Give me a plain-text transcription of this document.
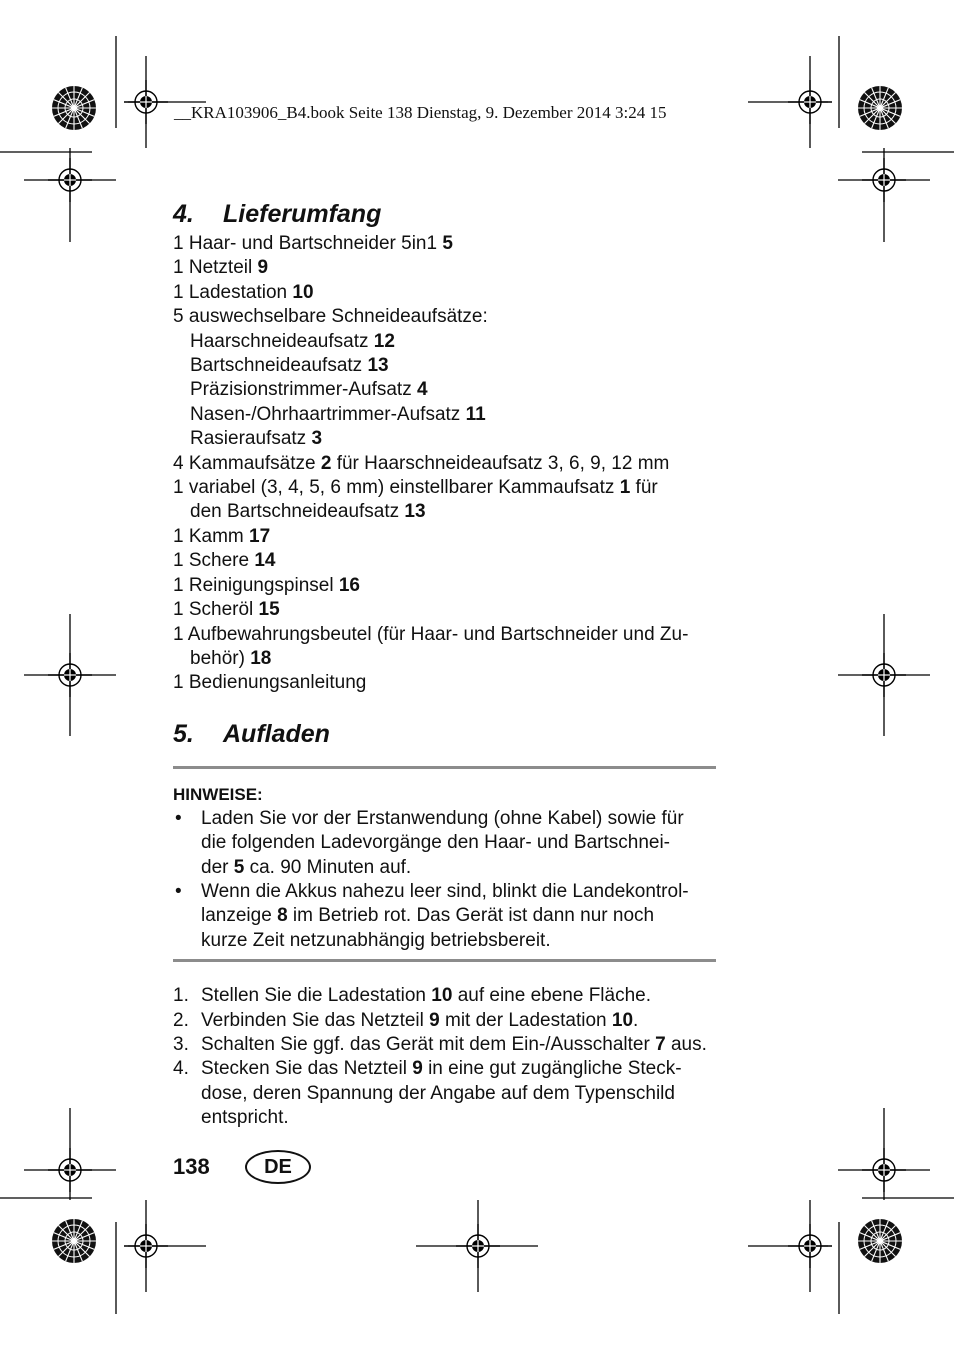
__KRA103906_B4.book Seite 138 Dienstag, 9. Dezember 2014 3:24 15
4. Lieferumfang
1 Haar- und Bartschneider 5in1 5
1 Netzteil 9
1 Ladestation 10
5 auswechselbare Schneideaufsätze:
Haarschneideaufsatz 12
Bartschneideaufsatz 13
Präzisionstrimmer-Aufsatz 4
Nasen-/Ohrhaartrimmer-Aufsatz 11
Rasieraufsatz 3
4 Kammaufsätze 2 für Haarschneideaufsatz 3, 6, 9, 12 mm
1 variabel (3, 4, 5, 6 mm) einstellbarer Kammaufsatz 1 für
den Bartschneideaufsatz 13
1 Kamm 17
1 Schere 14
1 Reinigungspinsel 16
1 Scheröl 15
1 Aufbewahrungsbeutel (für Haar- und Bartschneider und Zu-
behör) 18
1 Bedienungsanleitung
5. Aufladen
HINWEISE:
• Laden Sie vor der Erstanwendung (ohne Kabel) sowie für
die folgenden Ladevorgänge den Haar- und Bartschnei-
der 5 ca. 90 Minuten auf.
• Wenn die Akkus nahezu leer sind, blinkt die Landekontrol-
lanzeige 8 im Betrieb rot. Das Gerät ist dann nur noch
kurze Zeit netzunabhängig betriebsbereit.
1. Stellen Sie die Ladestation 10 auf eine ebene Fläche.
2. Verbinden Sie das Netzteil 9 mit der Ladestation 10.
3. Schalten Sie ggf. das Gerät mit dem Ein-/Ausschalter 7 aus.
4. Stecken Sie das Netzteil 9 in eine gut zugängliche Steck-
dose, deren Spannung der Angabe auf dem Typenschild
entspricht.
138	DE
